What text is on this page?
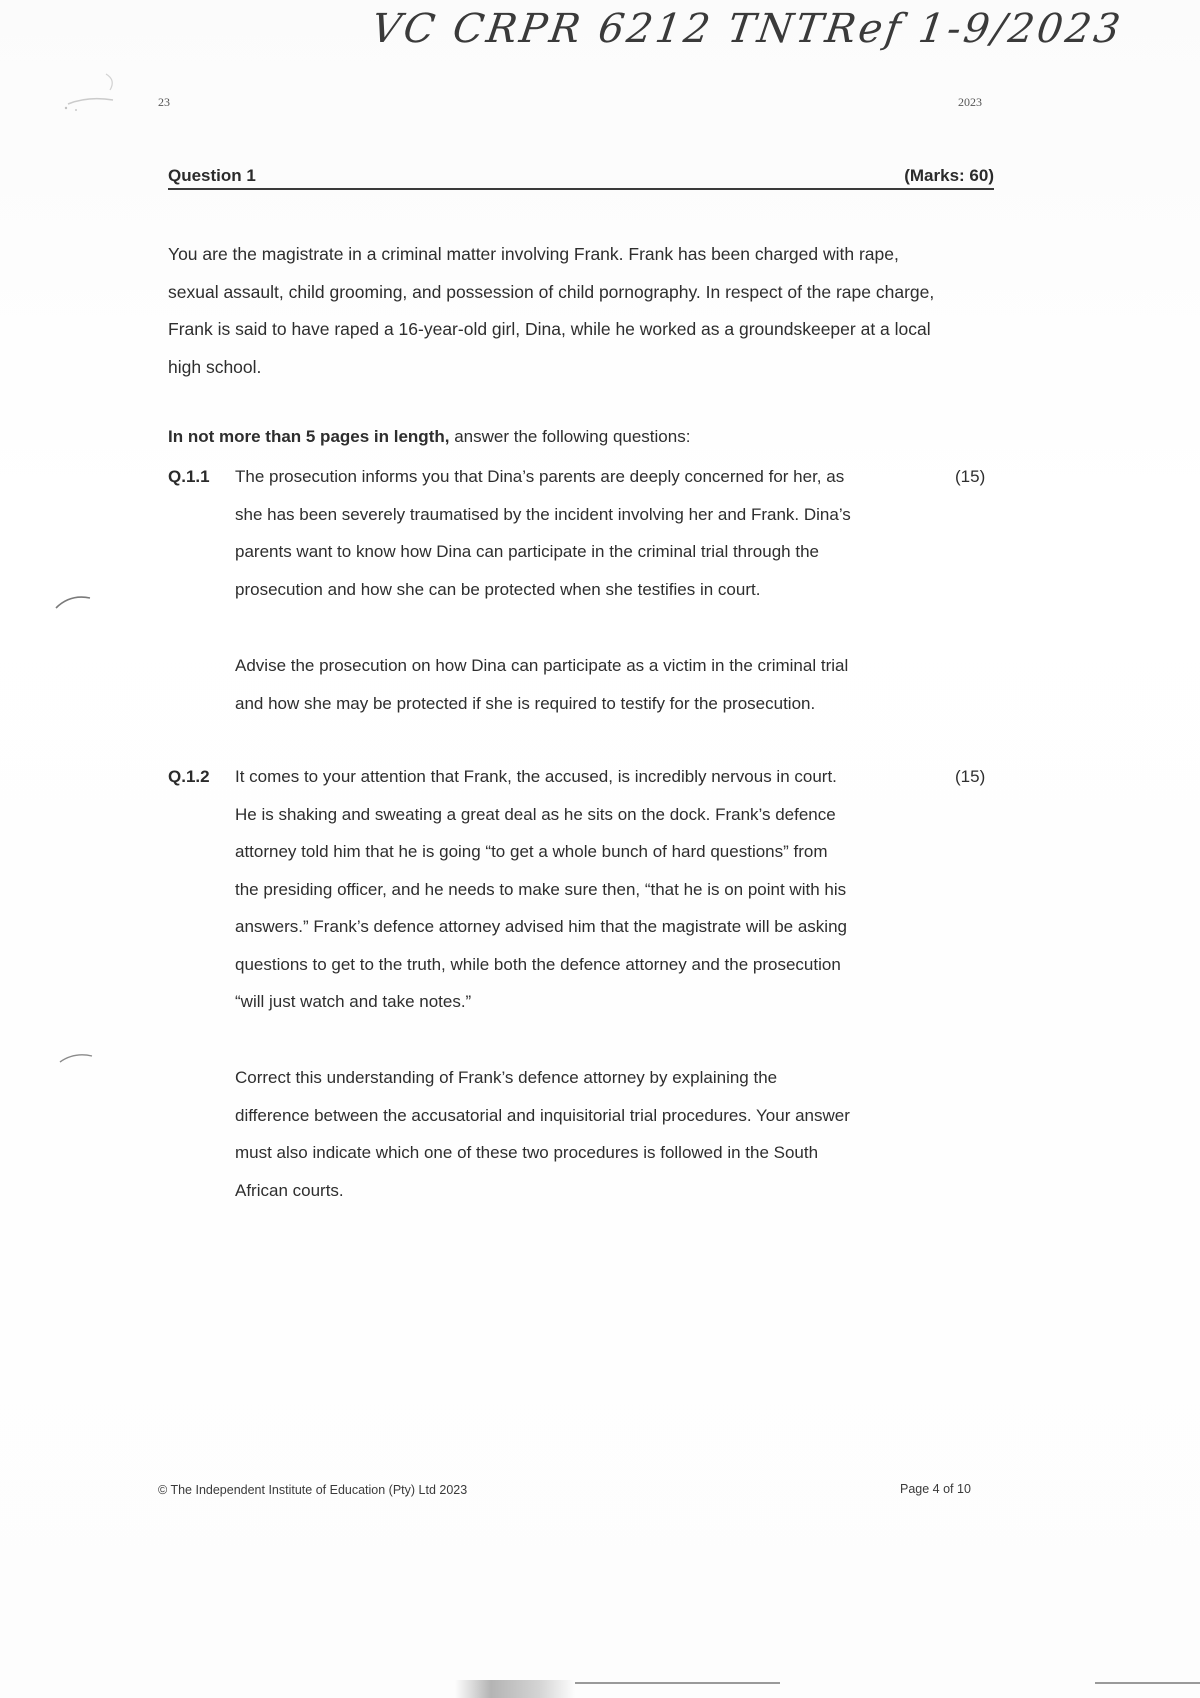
VC CRPR 6212 TNTRef 1-9/2023
23	2023
Question 1	(Marks: 60)
You are the magistrate in a criminal matter involving Frank. Frank has been charged with rape,
sexual assault, child grooming, and possession of child pornography. In respect of the rape charge,
Frank is said to have raped a 16-year-old girl, Dina, while he worked as a groundskeeper at a local
high school.
In not more than 5 pages in length, answer the following questions:
Q.1.1	(15)
The prosecution informs you that Dina’s parents are deeply concerned for her, as
she has been severely traumatised by the incident involving her and Frank. Dina’s
parents want to know how Dina can participate in the criminal trial through the
prosecution and how she can be protected when she testifies in court.
Advise the prosecution on how Dina can participate as a victim in the criminal trial
and how she may be protected if she is required to testify for the prosecution.
Q.1.2	(15)
It comes to your attention that Frank, the accused, is incredibly nervous in court.
He is shaking and sweating a great deal as he sits on the dock. Frank’s defence
attorney told him that he is going “to get a whole bunch of hard questions” from
the presiding officer, and he needs to make sure then, “that he is on point with his
answers.” Frank’s defence attorney advised him that the magistrate will be asking
questions to get to the truth, while both the defence attorney and the prosecution
“will just watch and take notes.”
Correct this understanding of Frank’s defence attorney by explaining the
difference between the accusatorial and inquisitorial trial procedures. Your answer
must also indicate which one of these two procedures is followed in the South
African courts.
© The Independent Institute of Education (Pty) Ltd 2023	Page 4 of 10
